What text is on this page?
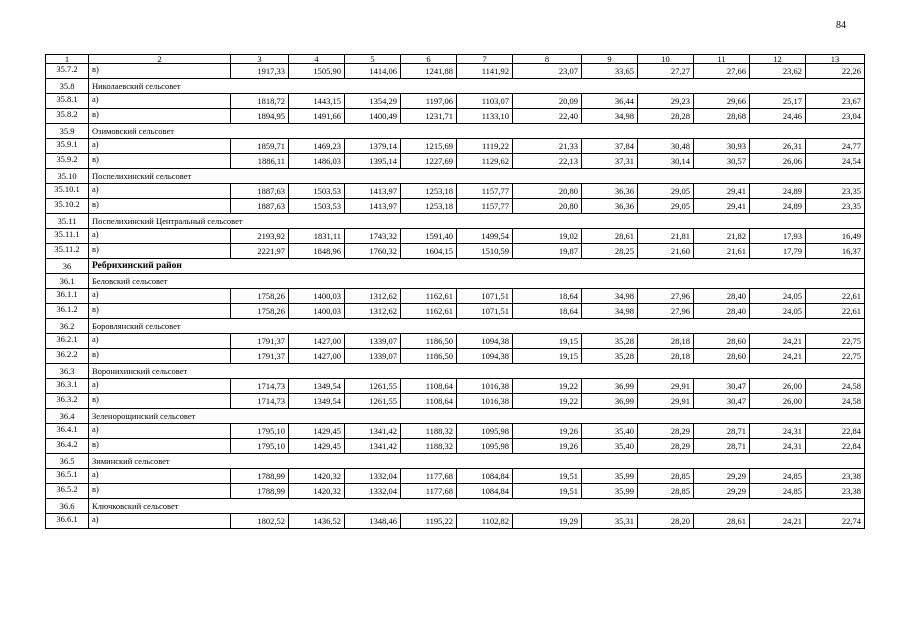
84
1	2	3	4	5	6	7	8	9	10	11	12	13
35.7.2	в)	1917,33	1505,90	1414,06	1241,88	1141,92	23,07	33,65	27,27	27,66	23,62	22,26
35.8	Николаевский сельсовет											
35.8.1	а)	1818,72	1443,15	1354,29	1197,06	1103,07	20,09	36,44	29,23	29,66	25,17	23,67
35.8.2	в)	1894,95	1491,66	1400,49	1231,71	1133,10	22,40	34,98	28,28	28,68	24,46	23,04
35.9	Озимовский сельсовет											
35.9.1	а)	1859,71	1469,23	1379,14	1215,69	1119,22	21,33	37,84	30,48	30,93	26,31	24,77
35.9.2	в)	1886,11	1486,03	1395,14	1227,69	1129,62	22,13	37,31	30,14	30,57	26,06	24,54
35.10	Поспелихинский сельсовет											
35.10.1	а)	1887,63	1503,53	1413,97	1253,18	1157,77	20,80	36,36	29,05	29,41	24,89	23,35
35.10.2	в)	1887,63	1503,53	1413,97	1253,18	1157,77	20,80	36,36	29,05	29,41	24,89	23,35
35.11	Поспелихинский Центральный сельсовет											
35.11.1	а)	2193,92	1831,11	1743,32	1591,40	1499,54	19,02	28,61	21,81	21,82	17,93	16,49
35.11.2	в)	2221,97	1848,96	1760,32	1604,15	1510,59	19,87	28,25	21,60	21,61	17,79	16,37
36	Ребрихинский район											
36.1	Беловский сельсовет											
36.1.1	а)	1758,26	1400,03	1312,62	1162,61	1071,51	18,64	34,98	27,96	28,40	24,05	22,61
36.1.2	в)	1758,26	1400,03	1312,62	1162,61	1071,51	18,64	34,98	27,96	28,40	24,05	22,61
36.2	Боровлянский сельсовет											
36.2.1	а)	1791,37	1427,00	1339,07	1186,50	1094,38	19,15	35,28	28,18	28,60	24,21	22,75
36.2.2	в)	1791,37	1427,00	1339,07	1186,50	1094,38	19,15	35,28	28,18	28,60	24,21	22,75
36.3	Воронихинский сельсовет											
36.3.1	а)	1714,73	1349,54	1261,55	1108,64	1016,38	19,22	36,99	29,91	30,47	26,00	24,58
36.3.2	в)	1714,73	1349,54	1261,55	1108,64	1016,38	19,22	36,99	29,91	30,47	26,00	24,58
36.4	Зеленорощинский сельсовет											
36.4.1	а)	1795,10	1429,45	1341,42	1188,32	1095,98	19,26	35,40	28,29	28,71	24,31	22,84
36.4.2	в)	1795,10	1429,45	1341,42	1188,32	1095,98	19,26	35,40	28,29	28,71	24,31	22,84
36.5	Зиминский сельсовет											
36.5.1	а)	1788,99	1420,32	1332,04	1177,68	1084,84	19,51	35,99	28,85	29,29	24,85	23,38
36.5.2	в)	1788,99	1420,32	1332,04	1177,68	1084,84	19,51	35,99	28,85	29,29	24,85	23,38
36.6	Ключковский сельсовет											
36.6.1	а)	1802,52	1436,52	1348,46	1195,22	1102,82	19,29	35,31	28,20	28,61	24,21	22,74
